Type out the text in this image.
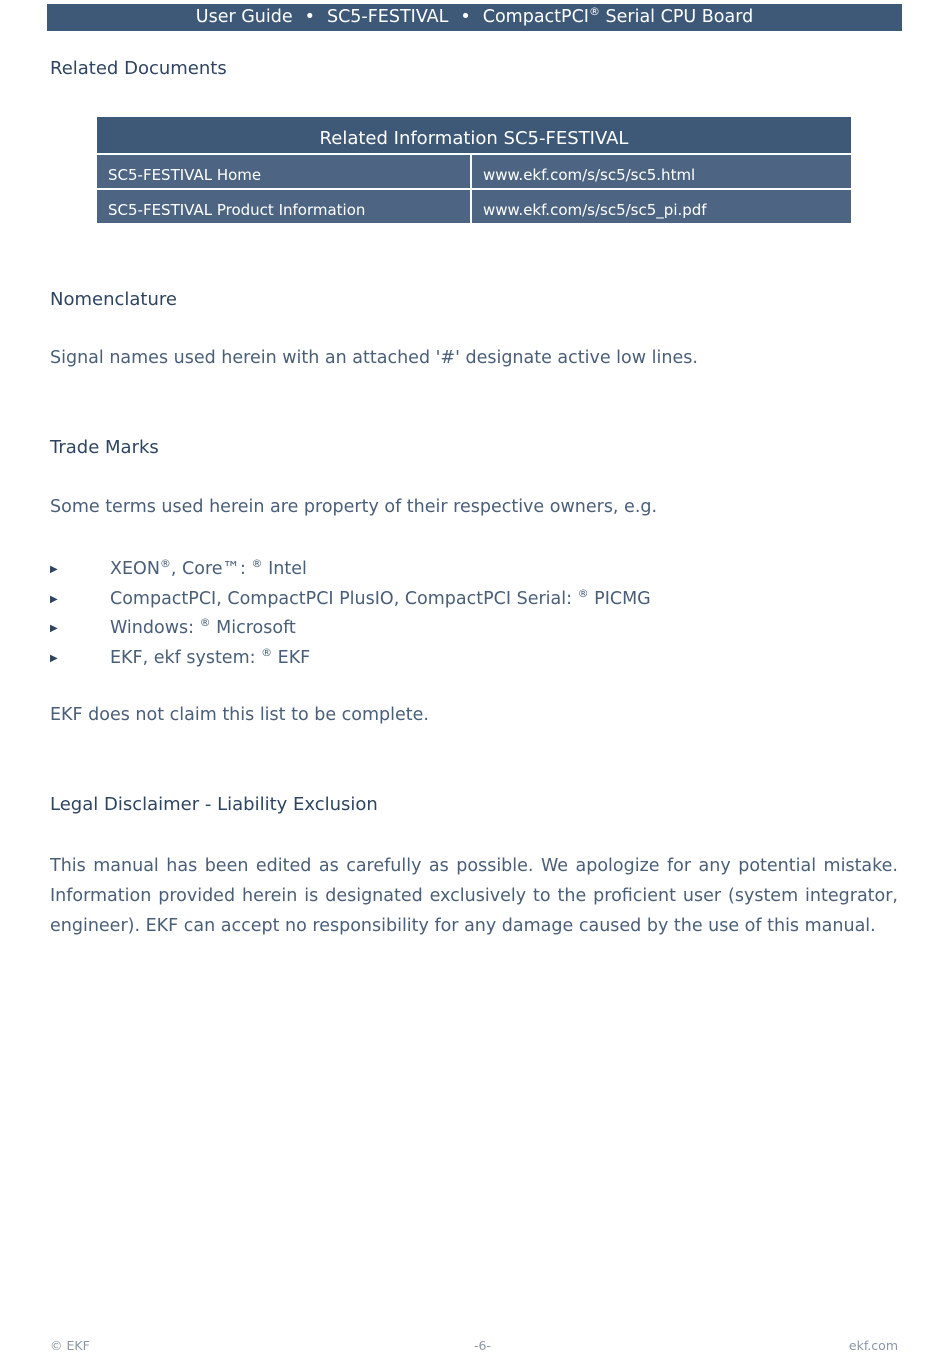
User Guide • SC5-FESTIVAL • CompactPCI® Serial CPU Board
Related Documents
Related Information SC5-FESTIVAL
SC5-FESTIVAL Home	www.ekf.com/s/sc5/sc5.html
SC5-FESTIVAL Product Information	www.ekf.com/s/sc5/sc5_pi.pdf
Nomenclature
Signal names used herein with an attached '#' designate active low lines.
Trade Marks
Some terms used herein are property of their respective owners, e.g.
▶	XEON®, Core™: ® Intel
▶	CompactPCI, CompactPCI PlusIO, CompactPCI Serial: ® PICMG
▶	Windows: ® Microsoft
▶	EKF, ekf system: ® EKF
EKF does not claim this list to be complete.
Legal Disclaimer - Liability Exclusion

This manual has been edited as carefully as possible. We apologize for any potential mistake. Information provided herein is designated exclusively to the proficient user (system integrator, engineer). EKF can accept no responsibility for any damage caused by the use of this manual.

© EKF	-6-	ekf.com
